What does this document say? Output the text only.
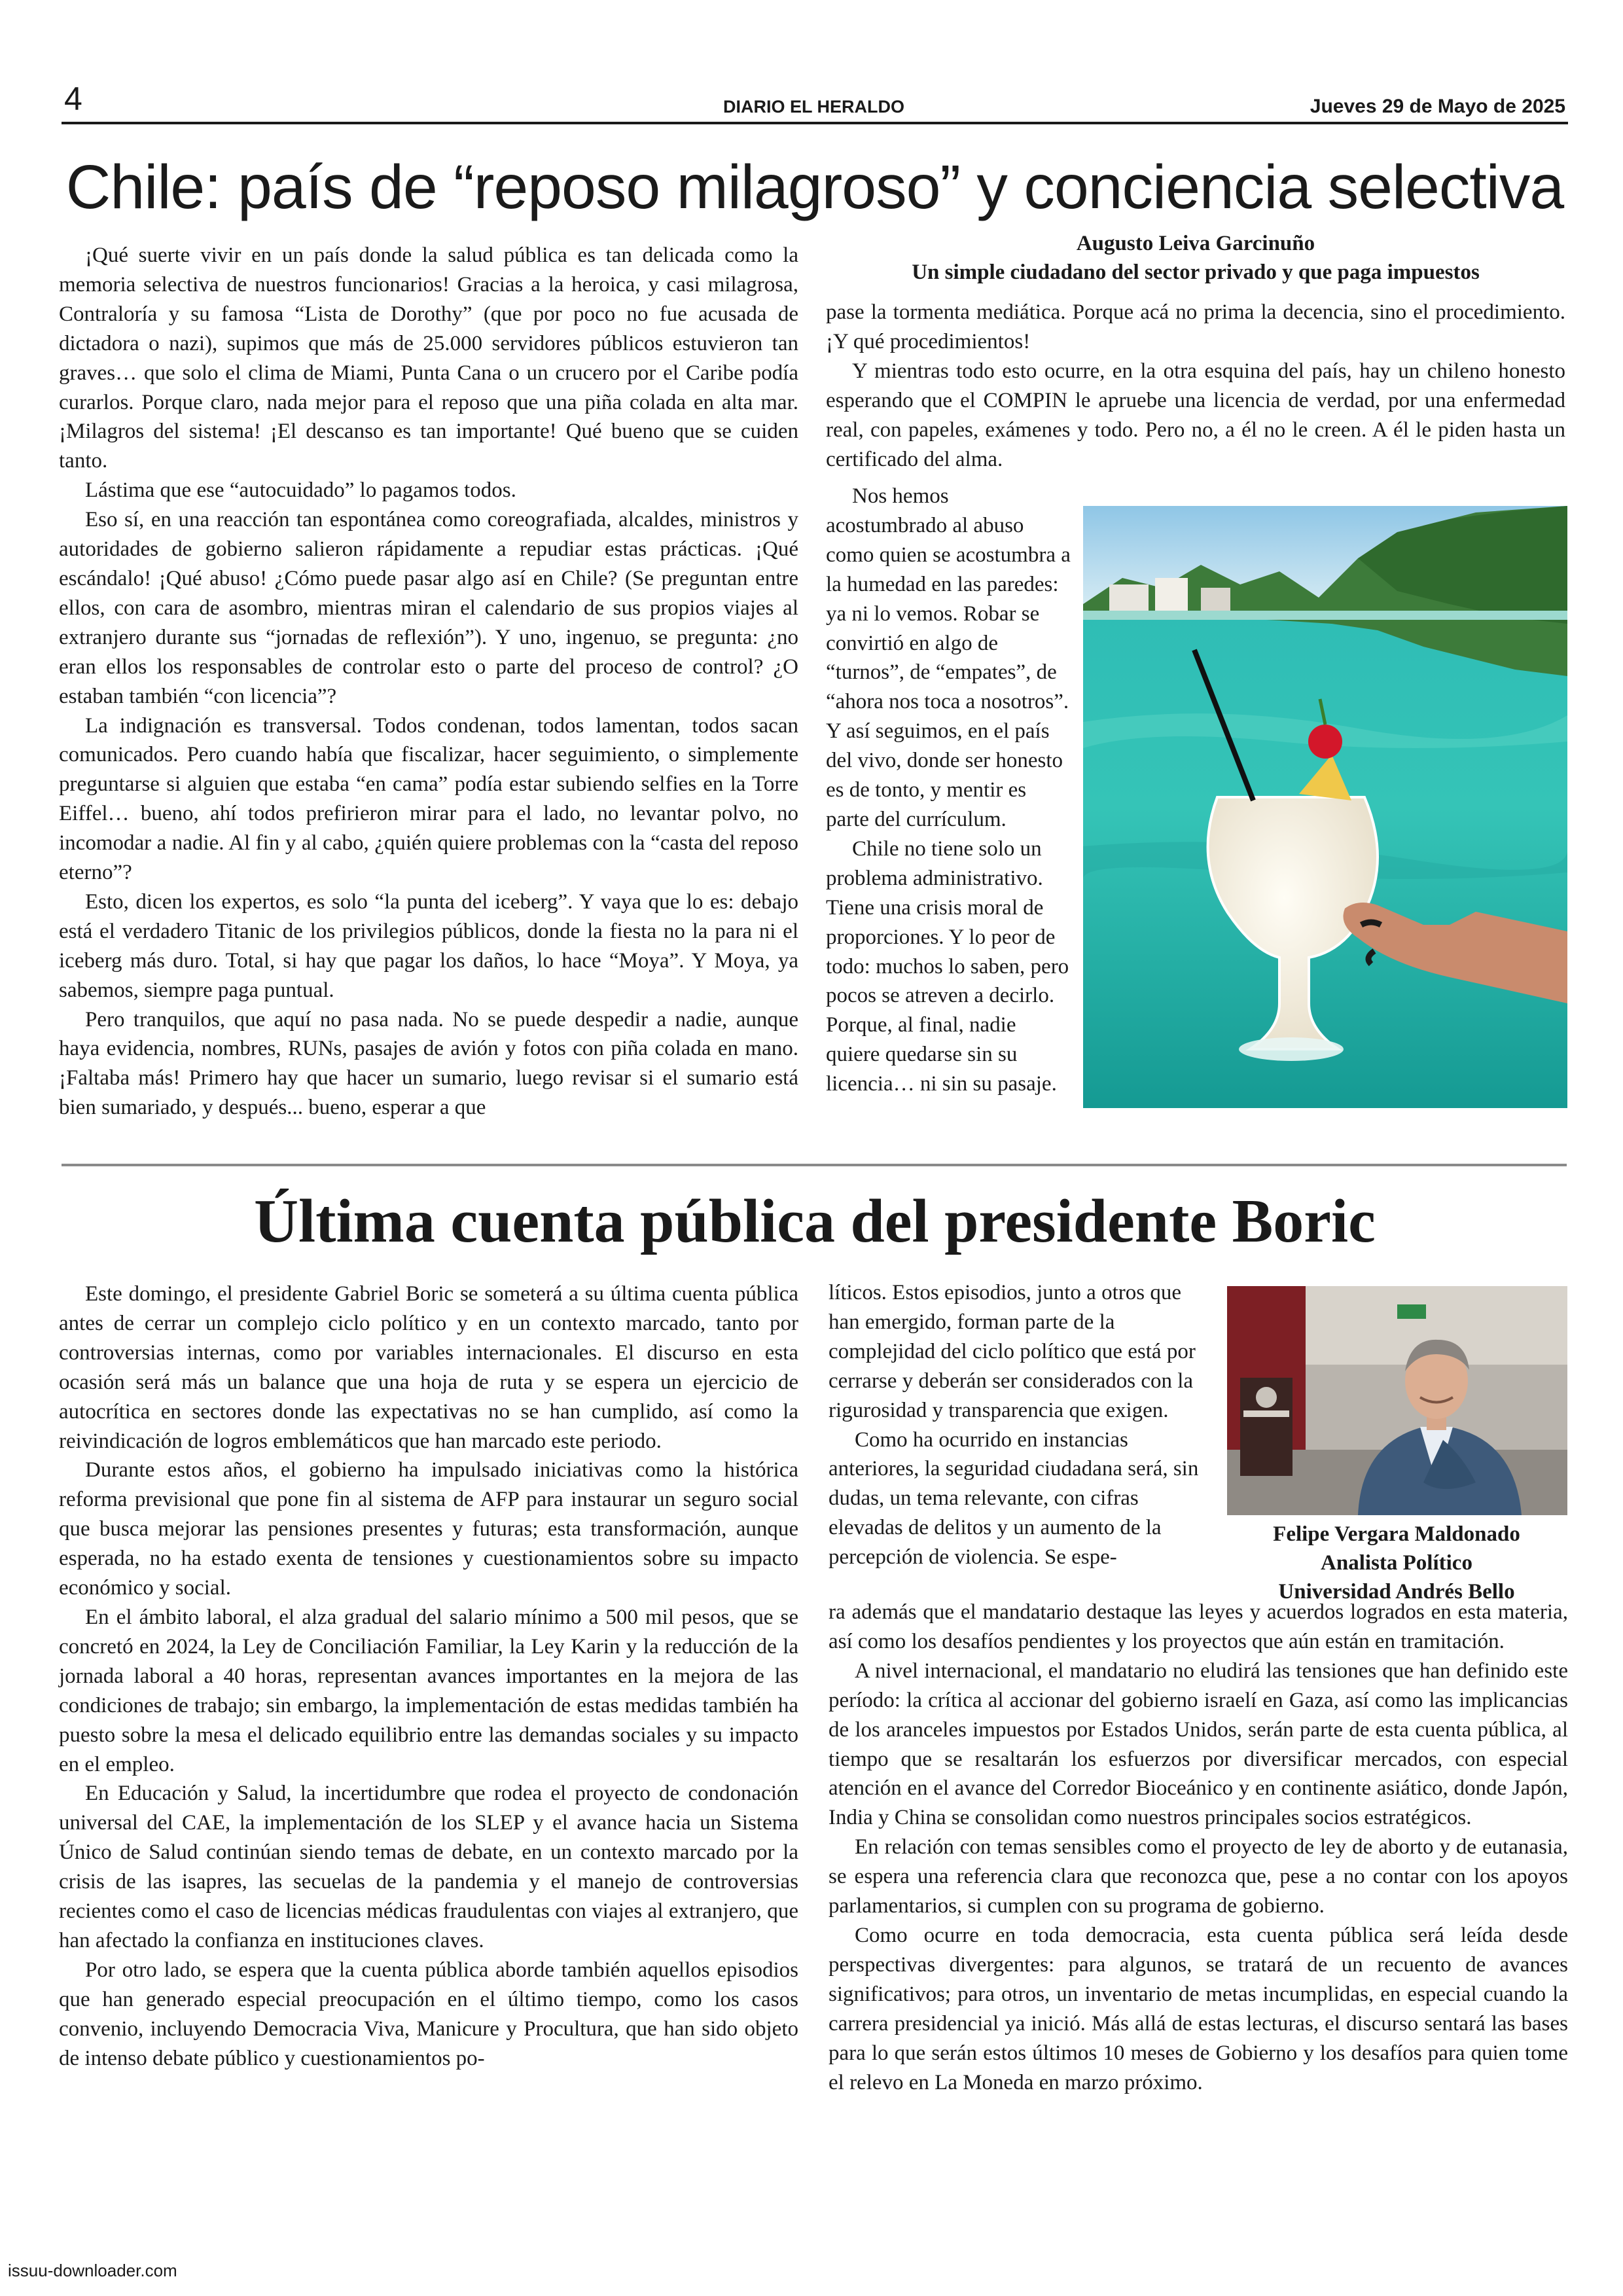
4	DIARIO EL HERALDO	Jueves 29 de Mayo de 2025
Chile: país de “reposo milagroso” y conciencia selectiva

¡Qué suerte vivir en un país donde la salud pública es tan delicada como la memoria selectiva de nuestros funcionarios! Gracias a la heroica, y casi milagrosa, Contraloría y su famosa “Lista de Dorothy” (que por poco no fue acusada de dictadora o nazi), supimos que más de 25.000 servidores públicos estuvieron tan graves… que solo el clima de Miami, Punta Cana o un crucero por el Caribe podía curarlos. Porque claro, nada mejor para el reposo que una piña colada en alta mar. ¡Milagros del sistema! ¡El descanso es tan importante! Qué bueno que se cuiden tanto.

Lástima que ese “autocuidado” lo pagamos todos.

Eso sí, en una reacción tan espontánea como coreografiada, alcaldes, ministros y autoridades de gobierno salieron rápidamente a repudiar estas prácticas. ¡Qué escándalo! ¡Qué abuso! ¿Cómo puede pasar algo así en Chile? (Se preguntan entre ellos, con cara de asombro, mientras miran el calendario de sus propios viajes al extranjero durante sus “jornadas de reflexión”). Y uno, ingenuo, se pregunta: ¿no eran ellos los responsables de controlar esto o parte del proceso de control? ¿O estaban también “con licencia”?

La indignación es transversal. Todos condenan, todos lamentan, todos sacan comunicados. Pero cuando había que fiscalizar, hacer seguimiento, o simplemente preguntarse si alguien que estaba “en cama” podía estar subiendo selfies en la Torre Eiffel… bueno, ahí todos prefirieron mirar para el lado, no levantar polvo, no incomodar a nadie. Al fin y al cabo, ¿quién quiere problemas con la “casta del reposo eterno”?

Esto, dicen los expertos, es solo “la punta del iceberg”. Y vaya que lo es: debajo está el verdadero Titanic de los privilegios públicos, donde la fiesta no la para ni el iceberg más duro. Total, si hay que pagar los daños, lo hace “Moya”. Y Moya, ya sabemos, siempre paga puntual.

Pero tranquilos, que aquí no pasa nada. No se puede despedir a nadie, aunque haya evidencia, nombres, RUNs, pasajes de avión y fotos con piña colada en mano. ¡Faltaba más! Primero hay que hacer un sumario, luego revisar si el sumario está bien sumariado, y después... bueno, esperar a que

Augusto Leiva Garcinuño
Un simple ciudadano del sector privado y que paga impuestos

pase la tormenta mediática. Porque acá no prima la decencia, sino el procedimiento. ¡Y qué procedimientos!

Y mientras todo esto ocurre, en la otra esquina del país, hay un chileno honesto esperando que el COMPIN le apruebe una licencia de verdad, por una enfermedad real, con papeles, exámenes y todo. Pero no, a él no le creen. A él le piden hasta un certificado del alma.

Nos hemos acostumbrado al abuso como quien se acostumbra a la humedad en las paredes: ya ni lo vemos. Robar se convirtió en algo de “turnos”, de “empates”, de “ahora nos toca a nosotros”. Y así seguimos, en el país del vivo, donde ser honesto es de tonto, y mentir es parte del currículum.

Chile no tiene solo un problema administrativo. Tiene una crisis moral de proporciones. Y lo peor de todo: muchos lo saben, pero pocos se atreven a decirlo. Porque, al final, nadie quiere quedarse sin su licencia… ni sin su pasaje.

Última cuenta pública del presidente Boric

Este domingo, el presidente Gabriel Boric se someterá a su última cuenta pública antes de cerrar un complejo ciclo político y en un contexto marcado, tanto por controversias internas, como por variables internacionales. El discurso en esta ocasión será más un balance que una hoja de ruta y se espera un ejercicio de autocrítica en sectores donde las expectativas no se han cumplido, así como la reivindicación de logros emblemáticos que han marcado este periodo.

Durante estos años, el gobierno ha impulsado iniciativas como la histórica reforma previsional que pone fin al sistema de AFP para instaurar un seguro social que busca mejorar las pensiones presentes y futuras; esta transformación, aunque esperada, no ha estado exenta de tensiones y cuestionamientos sobre su impacto económico y social.

En el ámbito laboral, el alza gradual del salario mínimo a 500 mil pesos, que se concretó en 2024, la Ley de Conciliación Familiar, la Ley Karin y la reducción de la jornada laboral a 40 horas, representan avances importantes en la mejora de las condiciones de trabajo; sin embargo, la implementación de estas medidas también ha puesto sobre la mesa el delicado equilibrio entre las demandas sociales y su impacto en el empleo.

En Educación y Salud, la incertidumbre que rodea el proyecto de condonación universal del CAE, la implementación de los SLEP y el avance hacia un Sistema Único de Salud continúan siendo temas de debate, en un contexto marcado por la crisis de las isapres, las secuelas de la pandemia y el manejo de controversias recientes como el caso de licencias médicas fraudulentas con viajes al extranjero, que han afectado la confianza en instituciones claves.

Por otro lado, se espera que la cuenta pública aborde también aquellos episodios que han generado especial preocupación en el último tiempo, como los casos convenio, incluyendo Democracia Viva, Manicure y Procultura, que han sido objeto de intenso debate público y cuestionamientos po-

líticos. Estos episodios, junto a otros que han emergido, forman parte de la complejidad del ciclo político que está por cerrarse y deberán ser considerados con la rigurosidad y transparencia que exigen.

Como ha ocurrido en instancias anteriores, la seguridad ciudadana será, sin dudas, un tema relevante, con cifras elevadas de delitos y un aumento de la percepción de violencia. Se espe-

Felipe Vergara Maldonado
Analista Político
Universidad Andrés Bello

ra además que el mandatario destaque las leyes y acuerdos logrados en esta materia, así como los desafíos pendientes y los proyectos que aún están en tramitación.

A nivel internacional, el mandatario no eludirá las tensiones que han definido este período: la crítica al accionar del gobierno israelí en Gaza, así como las implicancias de los aranceles impuestos por Estados Unidos, serán parte de esta cuenta pública, al tiempo que se resaltarán los esfuerzos por diversificar mercados, con especial atención en el avance del Corredor Bioceánico y en continente asiático, donde Japón, India y China se consolidan como nuestros principales socios estratégicos.

En relación con temas sensibles como el proyecto de ley de aborto y de eutanasia, se espera una referencia clara que reconozca que, pese a no contar con los apoyos parlamentarios, si cumplen con su programa de gobierno.

Como ocurre en toda democracia, esta cuenta pública será leída desde perspectivas divergentes: para algunos, se tratará de un recuento de avances significativos; para otros, un inventario de metas incumplidas, en especial cuando la carrera presidencial ya inició. Más allá de estas lecturas, el discurso sentará las bases para lo que serán estos últimos 10 meses de Gobierno y los desafíos para quien tome el relevo en La Moneda en marzo próximo.

issuu-downloader.com
